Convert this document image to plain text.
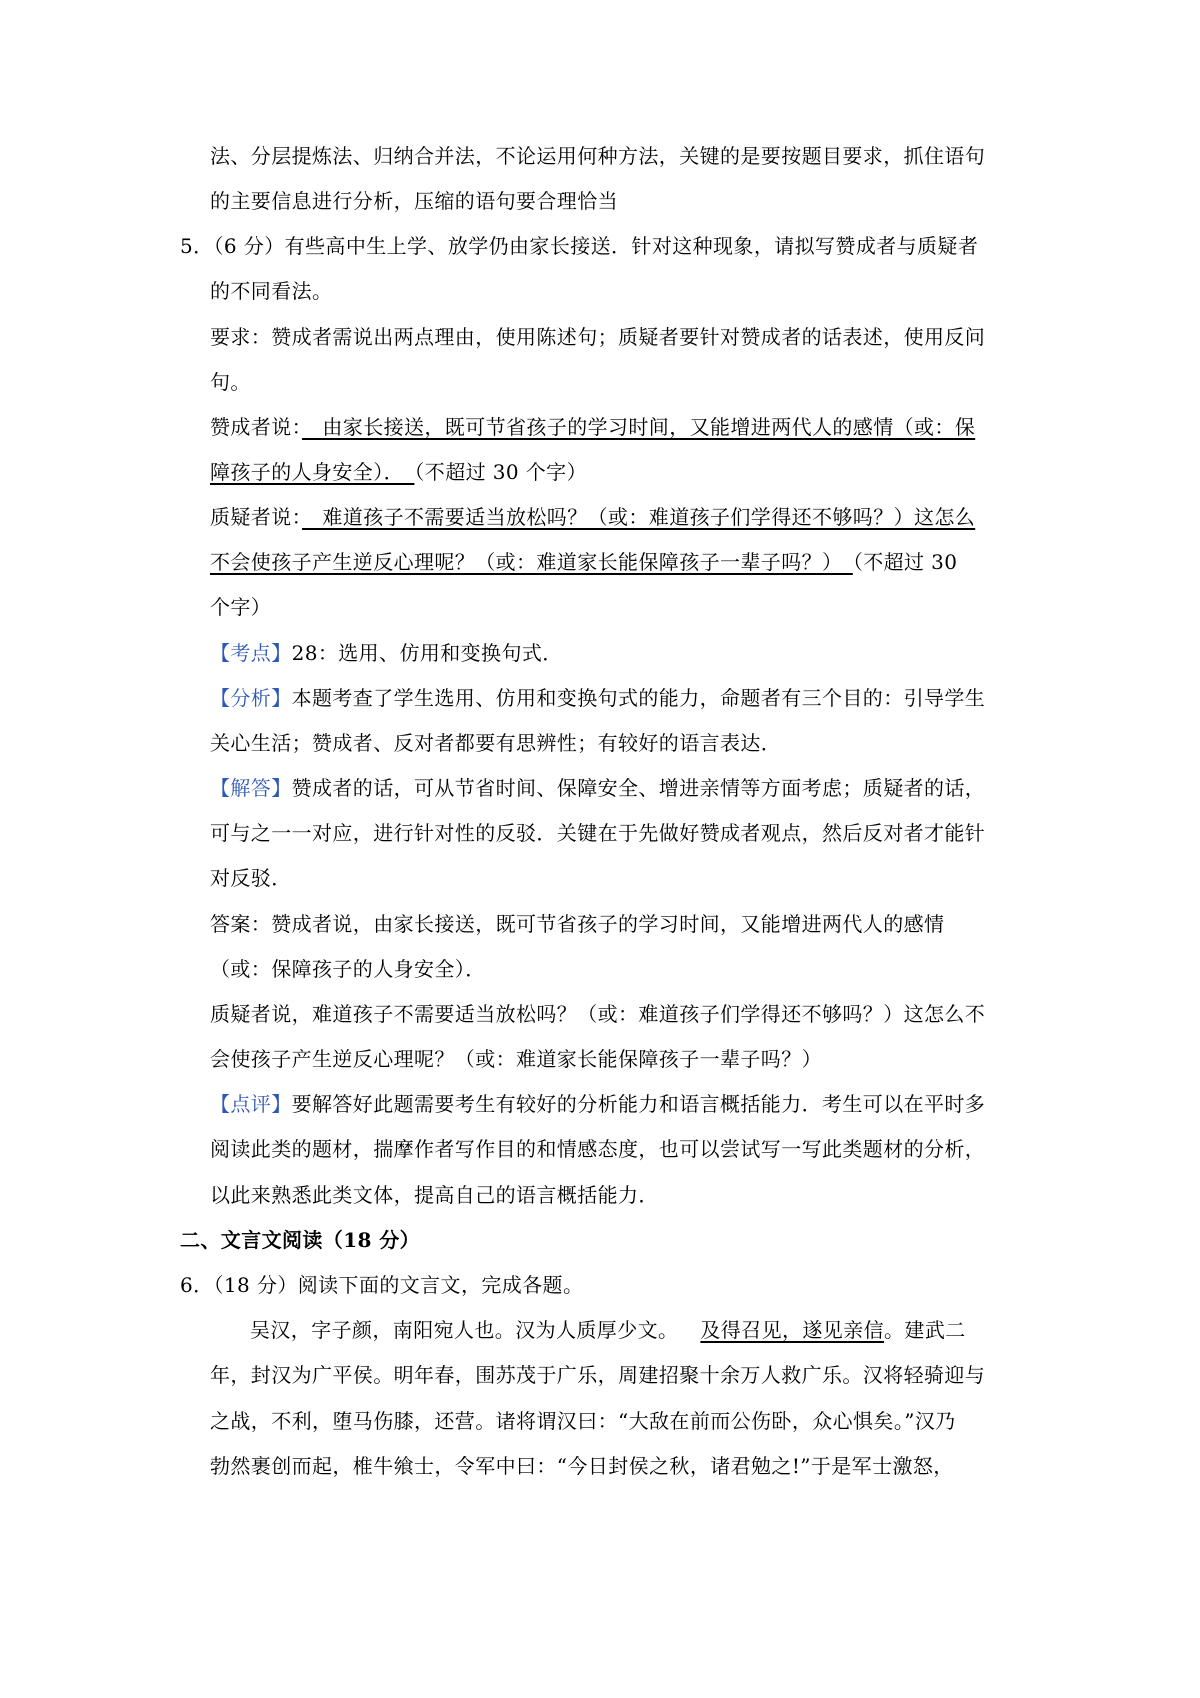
法、分层提炼法、归纳合并法，不论运用何种方法，关键的是要按题目要求，抓住语句
的主要信息进行分析，压缩的语句要合理恰当
5．（6 分）有些高中生上学、放学仍由家长接送．针对这种现象，请拟写赞成者与质疑者
的不同看法。
要求：赞成者需说出两点理由，使用陈述句；质疑者要针对赞成者的话表述，使用反问
句。
赞成者说：　由家长接送，既可节省孩子的学习时间，又能增进两代人的感情（或：保
障孩子的人身安全）．　（不超过 30 个字）
质疑者说：　难道孩子不需要适当放松吗？（或：难道孩子们学得还不够吗？）这怎么
不会使孩子产生逆反心理呢？（或：难道家长能保障孩子一辈子吗？）　（不超过 30
个字）
【考点】28：选用、仿用和变换句式．
【分析】本题考查了学生选用、仿用和变换句式的能力，命题者有三个目的：引导学生
关心生活；赞成者、反对者都要有思辨性；有较好的语言表达．
【解答】赞成者的话，可从节省时间、保障安全、增进亲情等方面考虑；质疑者的话，
可与之一一对应，进行针对性的反驳．关键在于先做好赞成者观点，然后反对者才能针
对反驳．
答案：赞成者说，由家长接送，既可节省孩子的学习时间，又能增进两代人的感情
（或：保障孩子的人身安全）．
质疑者说，难道孩子不需要适当放松吗？（或：难道孩子们学得还不够吗？）这怎么不
会使孩子产生逆反心理呢？（或：难道家长能保障孩子一辈子吗？）
【点评】要解答好此题需要考生有较好的分析能力和语言概括能力．考生可以在平时多
阅读此类的题材，揣摩作者写作目的和情感态度，也可以尝试写一写此类题材的分析，
以此来熟悉此类文体，提高自己的语言概括能力．
二、文言文阅读（18 分）
6．（18 分）阅读下面的文言文，完成各题。
吴汉，字子颜，南阳宛人也。汉为人质厚少文。 及得召见，遂见亲信。建武二
年，封汉为广平侯。明年春，围苏茂于广乐，周建招聚十余万人救广乐。汉将轻骑迎与
之战，不利，堕马伤膝，还营。诸将谓汉曰：“大敌在前而公伤卧，众心惧矣。”汉乃
勃然裹创而起，椎牛飨士，令军中曰：“今日封侯之秋，诸君勉之!”于是军士激怒，
